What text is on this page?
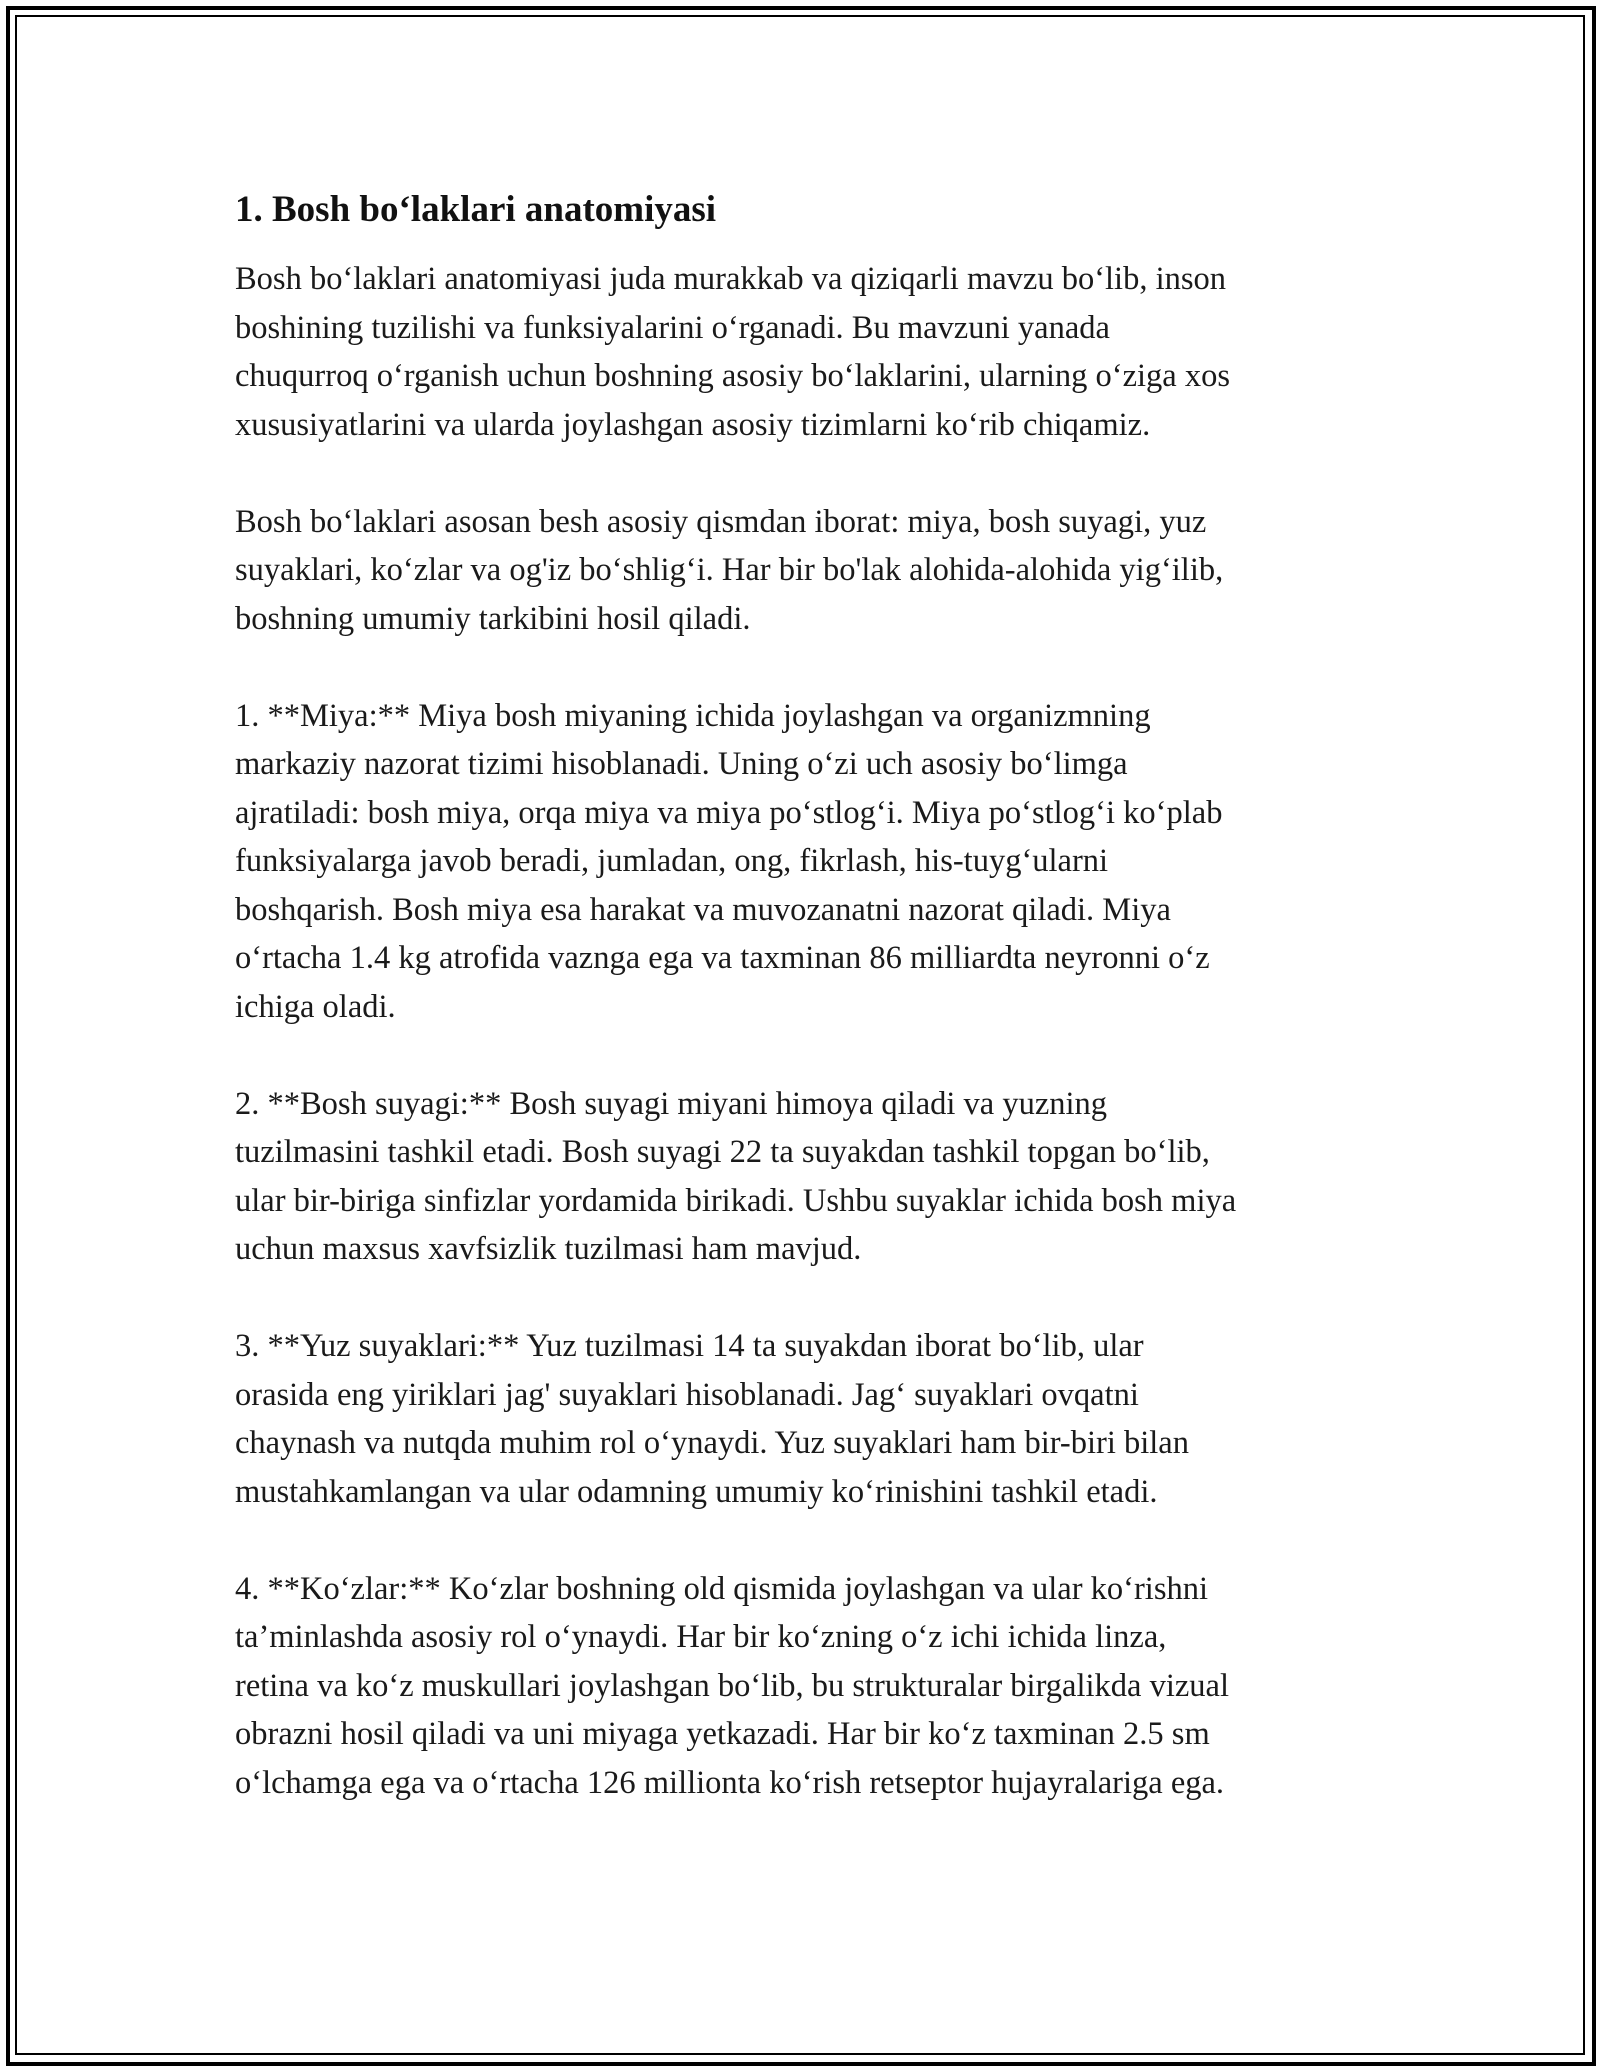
1. Bosh bo‘laklari anatomiyasi

Bosh bo‘laklari anatomiyasi juda murakkab va qiziqarli mavzu bo‘lib, inson
boshining tuzilishi va funksiyalarini o‘rganadi. Bu mavzuni yanada
chuqurroq o‘rganish uchun boshning asosiy bo‘laklarini, ularning o‘ziga xos
xususiyatlarini va ularda joylashgan asosiy tizimlarni ko‘rib chiqamiz.

Bosh bo‘laklari asosan besh asosiy qismdan iborat: miya, bosh suyagi, yuz
suyaklari, ko‘zlar va og'iz bo‘shlig‘i. Har bir bo'lak alohida-alohida yig‘ilib,
boshning umumiy tarkibini hosil qiladi.

1. **Miya:** Miya bosh miyaning ichida joylashgan va organizmning
markaziy nazorat tizimi hisoblanadi. Uning o‘zi uch asosiy bo‘limga
ajratiladi: bosh miya, orqa miya va miya po‘stlog‘i. Miya po‘stlog‘i ko‘plab
funksiyalarga javob beradi, jumladan, ong, fikrlash, his-tuyg‘ularni
boshqarish. Bosh miya esa harakat va muvozanatni nazorat qiladi. Miya
o‘rtacha 1.4 kg atrofida vaznga ega va taxminan 86 milliardta neyronni o‘z
ichiga oladi.

2. **Bosh suyagi:** Bosh suyagi miyani himoya qiladi va yuzning
tuzilmasini tashkil etadi. Bosh suyagi 22 ta suyakdan tashkil topgan bo‘lib,
ular bir-biriga sinfizlar yordamida birikadi. Ushbu suyaklar ichida bosh miya
uchun maxsus xavfsizlik tuzilmasi ham mavjud.

3. **Yuz suyaklari:** Yuz tuzilmasi 14 ta suyakdan iborat bo‘lib, ular
orasida eng yiriklari jag' suyaklari hisoblanadi. Jag‘ suyaklari ovqatni
chaynash va nutqda muhim rol o‘ynaydi. Yuz suyaklari ham bir-biri bilan
mustahkamlangan va ular odamning umumiy ko‘rinishini tashkil etadi.

4. **Ko‘zlar:** Ko‘zlar boshning old qismida joylashgan va ular ko‘rishni
ta’minlashda asosiy rol o‘ynaydi. Har bir ko‘zning o‘z ichi ichida linza,
retina va ko‘z muskullari joylashgan bo‘lib, bu strukturalar birgalikda vizual
obrazni hosil qiladi va uni miyaga yetkazadi. Har bir ko‘z taxminan 2.5 sm
o‘lchamga ega va o‘rtacha 126 millionta ko‘rish retseptor hujayralariga ega.
